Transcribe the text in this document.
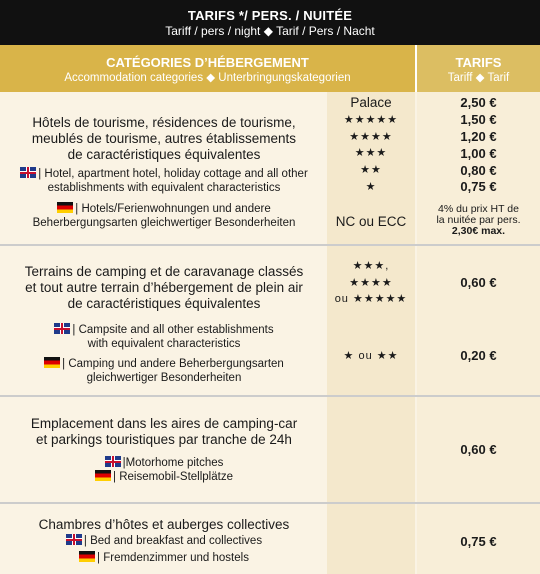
TARIFS */ PERS. / NUITÉE
Tariff / pers / night ◆ Tarif / Pers / Nacht
CATÉGORIES D’HÉBERGEMENT
Accommodation categories ◆ Unterbringungskategorien
TARIFS
Tariff ◆ Tarif
Hôtels de tourisme, résidences de tourisme,
meublés de tourisme, autres établissements
de caractéristiques équivalentes
| Hotel, apartment hotel, holiday cottage and all other
establishments with equivalent characteristics
| Hotels/Ferienwohnungen und andere
Beherbergungsarten gleichwertiger Besonderheiten
Palace
★★★★★
★★★★
★★★
★★
★
NC ou ECC
2,50 €
1,50 €
1,20 €
1,00 €
0,80 €
0,75 €
4% du prix HT de
la nuitée par pers.
2,30€ max.
Terrains de camping et de caravanage classés
et tout autre terrain d’hébergement de plein air
de caractéristiques équivalentes
| Campsite and all other establishments
with equivalent characteristics
| Camping und andere Beherbergungsarten
gleichwertiger Besonderheiten
★★★,
★★★★
ou ★★★★★
0,60 €
★ ou ★★	0,20 €
Emplacement dans les aires de camping-car
et parkings touristiques par tranche de 24h
|Motorhome pitches
| Reisemobil-Stellplätze
0,60 €
Chambres d’hôtes et auberges collectives
| Bed and breakfast and collectives
| Fremdenzimmer und hostels
0,75 €
